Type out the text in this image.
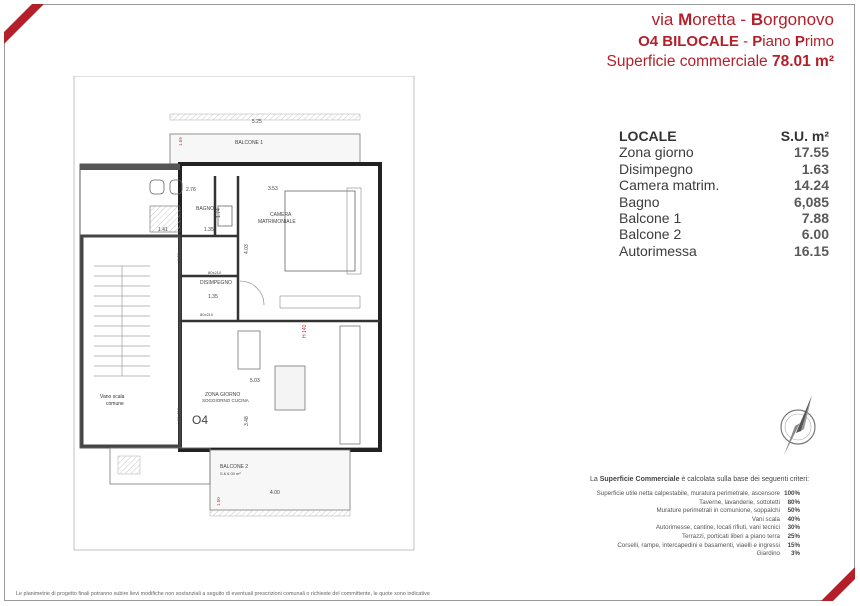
via Moretta - Borgonovo
O4 BILOCALE - Piano Primo
Superficie commerciale 78.01 m²
LOCALE	S.U. m²
Zona giorno	17.55
Disimpegno	1.63
Camera matrim.	14.24
Bagno	6,085
Balcone 1	7.88
Balcone 2	6.00
Autorimessa	16.15
La Superficie Commerciale è calcolata sulla base dei seguenti criteri:
Superficie utile netta calpestabile, muratura perimetrale, ascensore 100%
Taverne, lavanderie, sottotetti	80%
Murature perimetrali in comunione, soppalchi	50%
Vani scala	40%
Autorimesse, cantine, locali rifiuti, vani tecnici	30%
Terrazzi, porticati liberi a piano terra	25%
Corselli, rampe, intercapedini e basamenti, viaelli e ingressi	15%
Giardino	3%
Le planimetrie di progetto finali potranno subire lievi modifiche non sostanziali a seguito di eventuali prescrizioni comunali o richieste del committente, le quote sono indicative
BALCONE 1
5.25
1.59
Vano scala
comune
BAGNO
2.76
1.74
1.41	1.35
3.53
CAMERA
MATRIMONIALE
4.03
DISIMPEGNO
1.35
80x210
80x210
0.90
H 140
5.03
ZONA GIORNO
SOGGIORNO CUCINA
3.48
80x210
BALCONE 2
S.6 6.00 m²
4.00
1.50
O4
